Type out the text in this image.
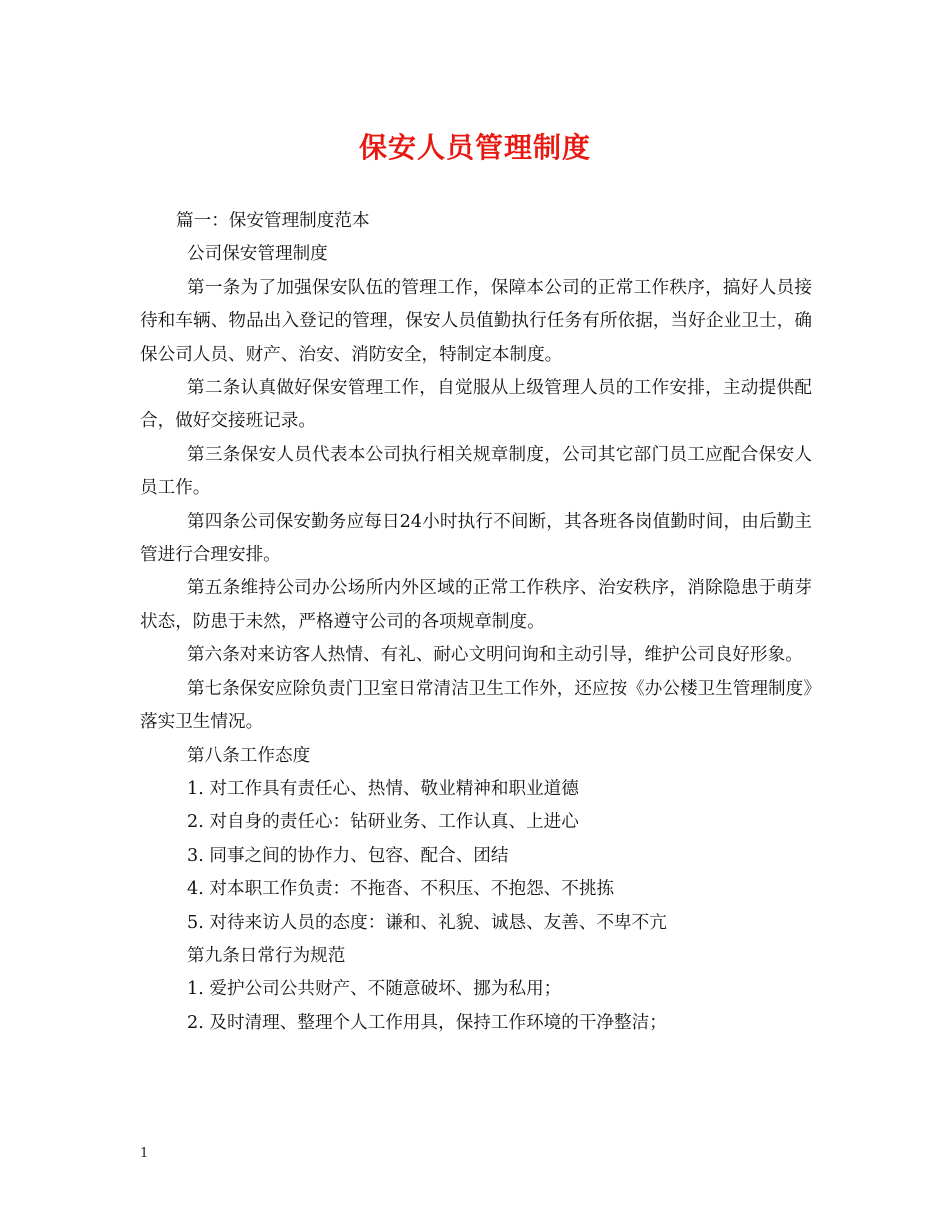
保安人员管理制度

篇一：保安管理制度范本

公司保安管理制度

第一条为了加强保安队伍的管理工作，保障本公司的正常工作秩序，搞好人员接待和车辆、物品出入登记的管理，保安人员值勤执行任务有所依据，当好企业卫士，确保公司人员、财产、治安、消防安全，特制定本制度。

第二条认真做好保安管理工作，自觉服从上级管理人员的工作安排，主动提供配合，做好交接班记录。

第三条保安人员代表本公司执行相关规章制度，公司其它部门员工应配合保安人员工作。

第四条公司保安勤务应每日24小时执行不间断，其各班各岗值勤时间，由后勤主管进行合理安排。

第五条维持公司办公场所内外区域的正常工作秩序、治安秩序，消除隐患于萌芽状态，防患于未然，严格遵守公司的各项规章制度。

第六条对来访客人热情、有礼、耐心文明问询和主动引导，维护公司良好形象。

第七条保安应除负责门卫室日常清洁卫生工作外，还应按《办公楼卫生管理制度》落实卫生情况。

第八条工作态度

1. 对工作具有责任心、热情、敬业精神和职业道德

2. 对自身的责任心：钻研业务、工作认真、上进心

3. 同事之间的协作力、包容、配合、团结

4. 对本职工作负责：不拖沓、不积压、不抱怨、不挑拣

5. 对待来访人员的态度：谦和、礼貌、诚恳、友善、不卑不亢

第九条日常行为规范

1. 爱护公司公共财产、不随意破坏、挪为私用；

2. 及时清理、整理个人工作用具，保持工作环境的干净整洁；

1
